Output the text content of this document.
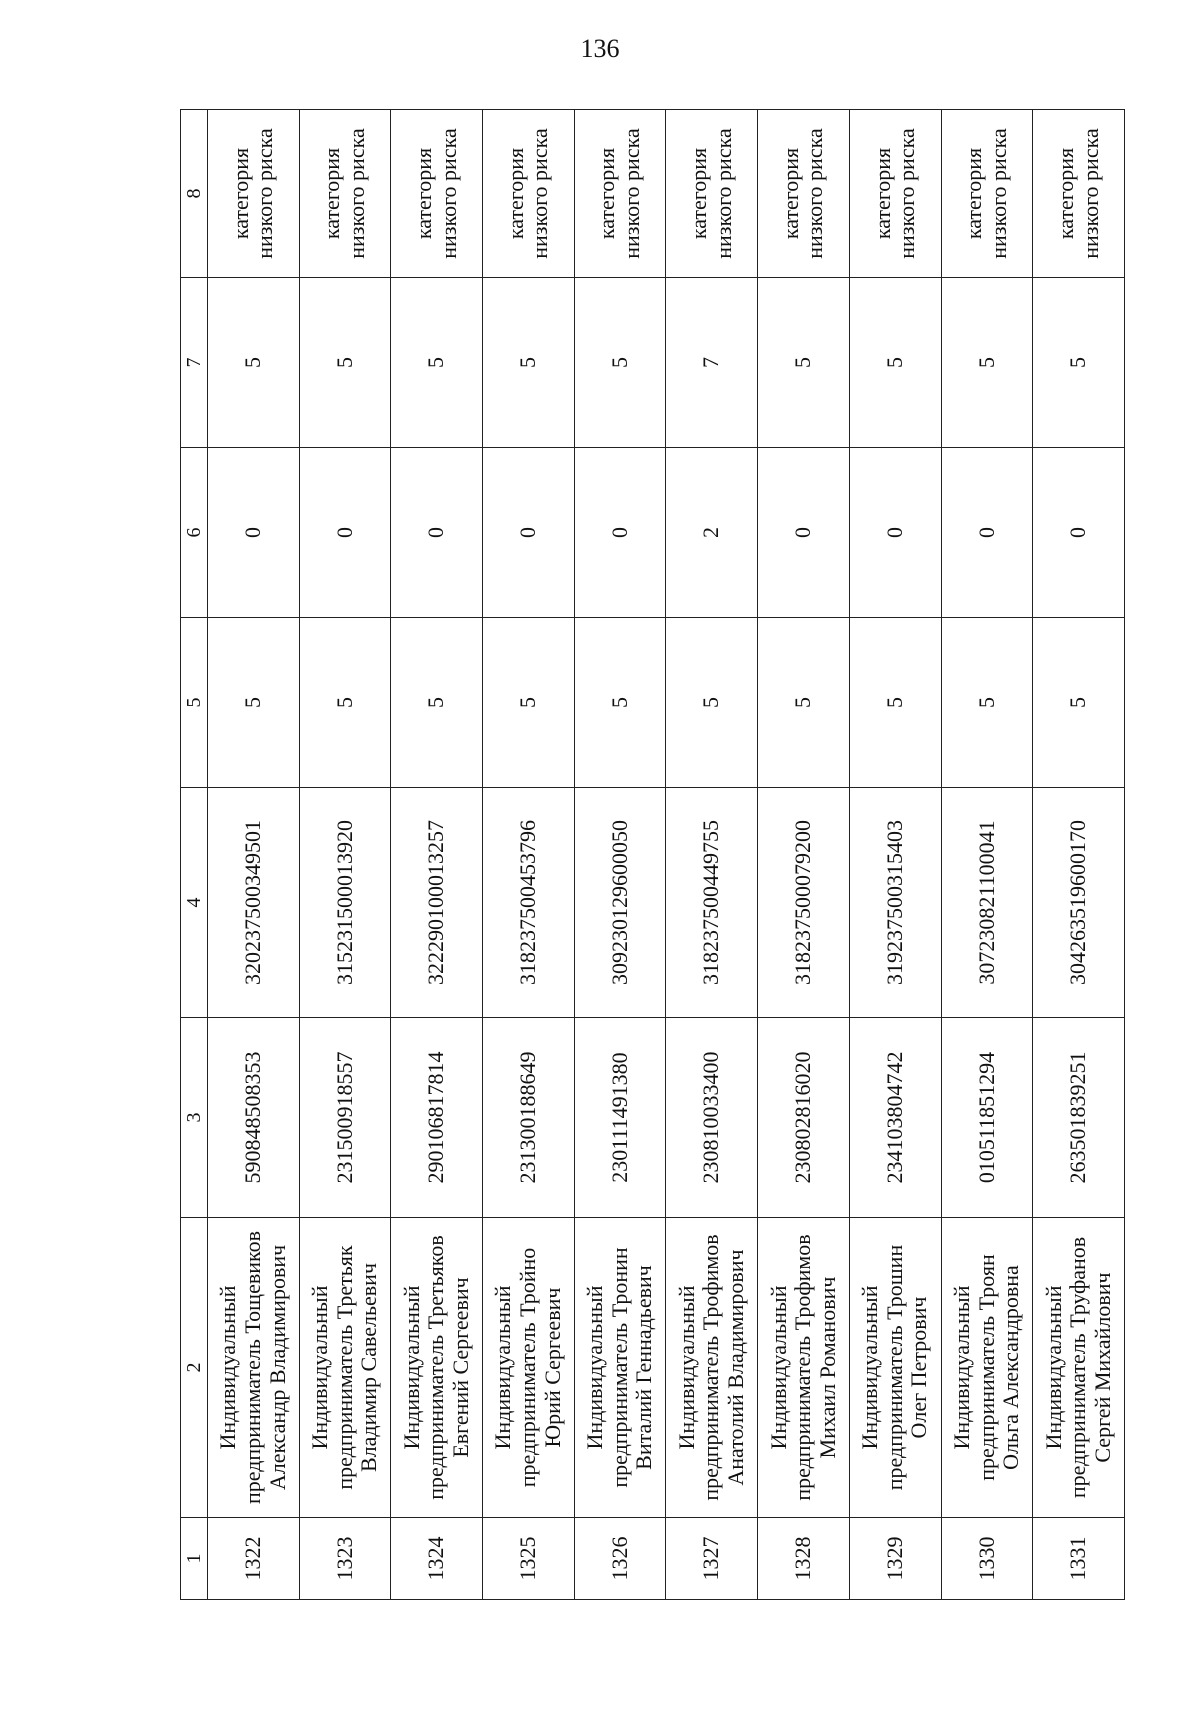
136
1	2	3	4	5	6	7	8
1322	Индивидуальный предприниматель Тощевиков Александр Владимирович	590848508353	320237500349501	5	0	5	категория низкого риска
1323	Индивидуальный предприниматель Третьяк Владимир Савельевич	231500918557	315231500013920	5	0	5	категория низкого риска
1324	Индивидуальный предприниматель Третьяков Евгений Сергеевич	290106817814	322290100013257	5	0	5	категория низкого риска
1325	Индивидуальный предприниматель Тройно Юрий Сергеевич	231300188649	318237500453796	5	0	5	категория низкого риска
1326	Индивидуальный предприниматель Тронин Виталий Геннадьевич	230111491380	309230129600050	5	0	5	категория низкого риска
1327	Индивидуальный предприниматель Трофимов Анатолий Владимирович	230810033400	318237500449755	5	2	7	категория низкого риска
1328	Индивидуальный предприниматель Трофимов Михаил Романович	230802816020	318237500079200	5	0	5	категория низкого риска
1329	Индивидуальный предприниматель Трошин Олег Петрович	234103804742	319237500315403	5	0	5	категория низкого риска
1330	Индивидуальный предприниматель Троян Ольга Александровна	010511851294	307230821100041	5	0	5	категория низкого риска
1331	Индивидуальный предприниматель Труфанов Сергей Михайлович	263501839251	304263519600170	5	0	5	категория низкого риска
